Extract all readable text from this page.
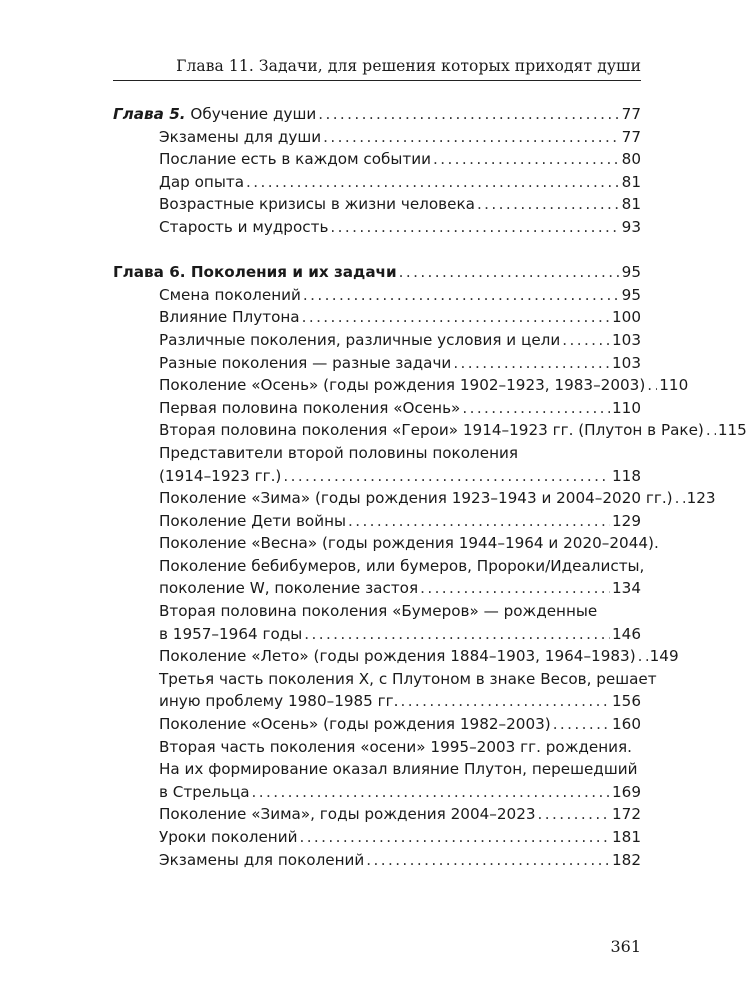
Глава 11. Задачи, для решения которых приходят души
Глава 5. Обучение души .....	77
Экзамены для души .....	77
Послание есть в каждом событии .....	80
Дар опыта .....	81
Возрастные кризисы в жизни человека .....	81
Старость и мудрость .....	93
Глава 6. Поколения и их задачи .....	95
Смена поколений .....	95
Влияние Плутона .....	100
Различные поколения, различные условия и цели .....	103
Разные поколения — разные задачи .....	103
Поколение «Осень» (годы рождения 1902–1923, 1983–2003) ..... 110
Первая половина поколения «Осень» .....	110
Вторая половина поколения «Герои» 1914–1923 гг. (Плутон в Раке) ..... 115
Представители второй половины поколения
(1914–1923 гг.) .....	118
Поколение «Зима» (годы рождения 1923–1943 и 2004–2020 гг.) ..... 123
Поколение Дети войны .....	129
Поколение «Весна» (годы рождения 1944–1964 и 2020–2044).
Поколение бебибумеров, или бумеров, Пророки/Идеалисты,
поколение W, поколение застоя .....	134
Вторая половина поколения «Бумеров» — рожденные
в 1957–1964 годы .....	146
Поколение «Лето» (годы рождения 1884–1903, 1964–1983) ..... 149
Третья часть поколения Х, с Плутоном в знаке Весов, решает
иную проблему 1980–1985 гг. .....	156
Поколение «Осень» (годы рождения 1982–2003) .....	160
Вторая часть поколения «осени» 1995–2003 гг. рождения.
На их формирование оказал влияние Плутон, перешедший
в Стрельца .....	169
Поколение «Зима», годы рождения 2004–2023 .....	172
Уроки поколений .....	181
Экзамены для поколений .....	182
361
